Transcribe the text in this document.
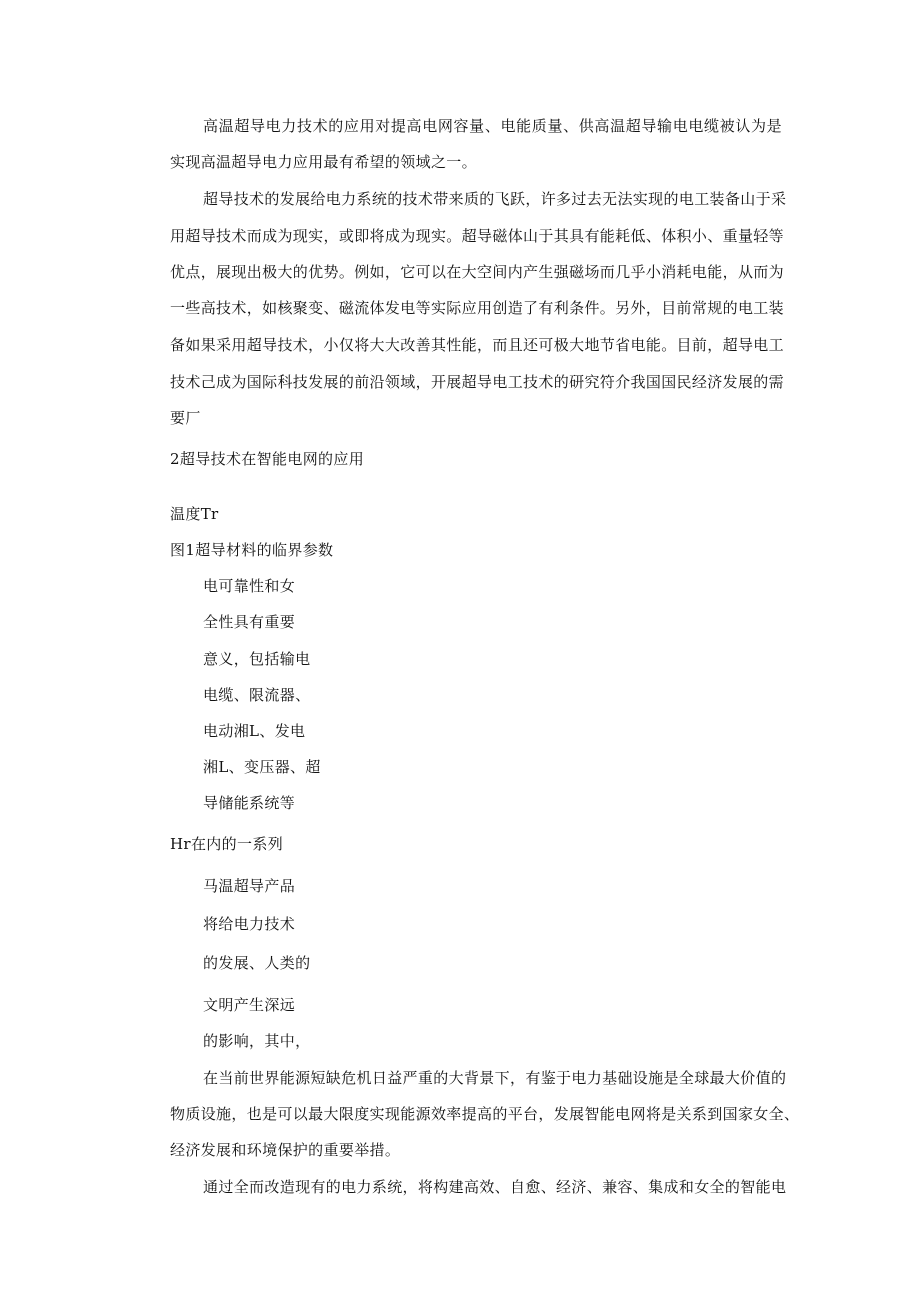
高温超导电力技术的应用对提高电网容量、电能质量、供高温超导输电电缆被认为是
实现高温超导电力应用最有希望的领域之一。
超导技术的发展给电力系统的技术带来质的飞跃，许多过去无法实现的电工装备山于采
用超导技术而成为现实，或即将成为现实。超导磁体山于其具有能耗低、体积小、重量轻等
优点，展现出极大的优势。例如，它可以在大空间内产生强磁场而几乎小消耗电能，从而为
一些高技术，如核聚变、磁流体发电等实际应用创造了有利条件。另外，目前常规的电工装
备如果采用超导技术，小仅将大大改善其性能，而且还可极大地节省电能。目前，超导电工
技术己成为国际科技发展的前沿领域，开展超导电工技术的研究符介我国国民经济发展的需
要厂
2超导技术在智能电网的应用
温度Tr
图1超导材料的临界参数
电可靠性和女
全性具有重要
意义，包括输电
电缆、限流器、
电动湘L、发电
湘L、变压器、超
导储能系统等
Hr在内的一系列
马温超导产品
将给电力技术
的发展、人类的
文明产生深远
的影响，其中，
在当前世界能源短缺危机日益严重的大背景下，有鉴于电力基础设施是全球最大价值的
物质设施，也是可以最大限度实现能源效率提高的平台，发展智能电网将是关系到国家女全、
经济发展和环境保护的重要举措。
通过全而改造现有的电力系统，将构建高效、自愈、经济、兼容、集成和女全的智能电
